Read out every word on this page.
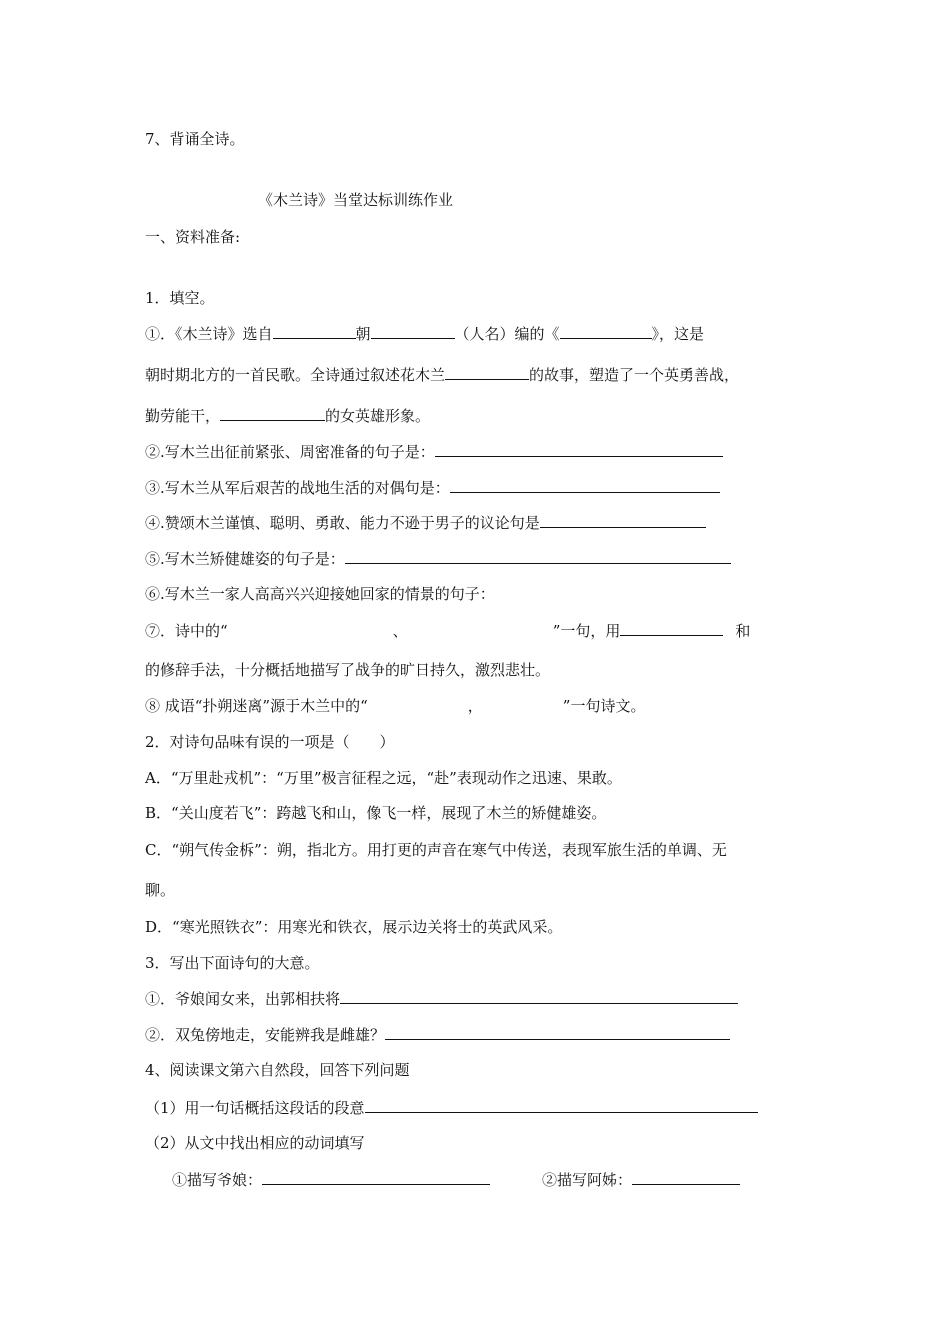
7、背诵全诗。
《木兰诗》当堂达标训练作业
一、资料准备:
1．填空。
①．《木兰诗》选自	朝	（人名）编的《	》，这是
朝时期北方的一首民歌。全诗通过叙述花木兰	的故事，塑造了一个英勇善战，
勤劳能干，	的女英雄形象。
②.写木兰出征前紧张、周密准备的句子是：
③.写木兰从军后艰苦的战地生活的对偶句是：
④.赞颂木兰谨慎、聪明、勇敢、能力不逊于男子的议论句是
⑤.写木兰矫健雄姿的句子是：
⑥.写木兰一家人高高兴兴迎接她回家的情景的句子：
⑦．诗中的“	、	”一句，用	和
的修辞手法，十分概括地描写了战争的旷日持久，激烈悲壮。
⑧ 成语“扑朔迷离”源于木兰中的“	，	”一句诗文。
2．对诗句品味有误的一项是（　　）
A．“万里赴戎机”：“万里”极言征程之远，“赴”表现动作之迅速、果敢。
B．“关山度若飞”：跨越飞和山，像飞一样，展现了木兰的矫健雄姿。
C．“朔气传金柝”：朔，指北方。用打更的声音在寒气中传送，表现军旅生活的单调、无
聊。
D．“寒光照铁衣”：用寒光和铁衣，展示边关将士的英武风采。
3．写出下面诗句的大意。
①．爷娘闻女来，出郭相扶将
②．双兔傍地走，安能辨我是雌雄？
4、阅读课文第六自然段，回答下列问题
（1）用一句话概括这段话的段意
（2）从文中找出相应的动词填写
①描写爷娘：	②描写阿姊：
